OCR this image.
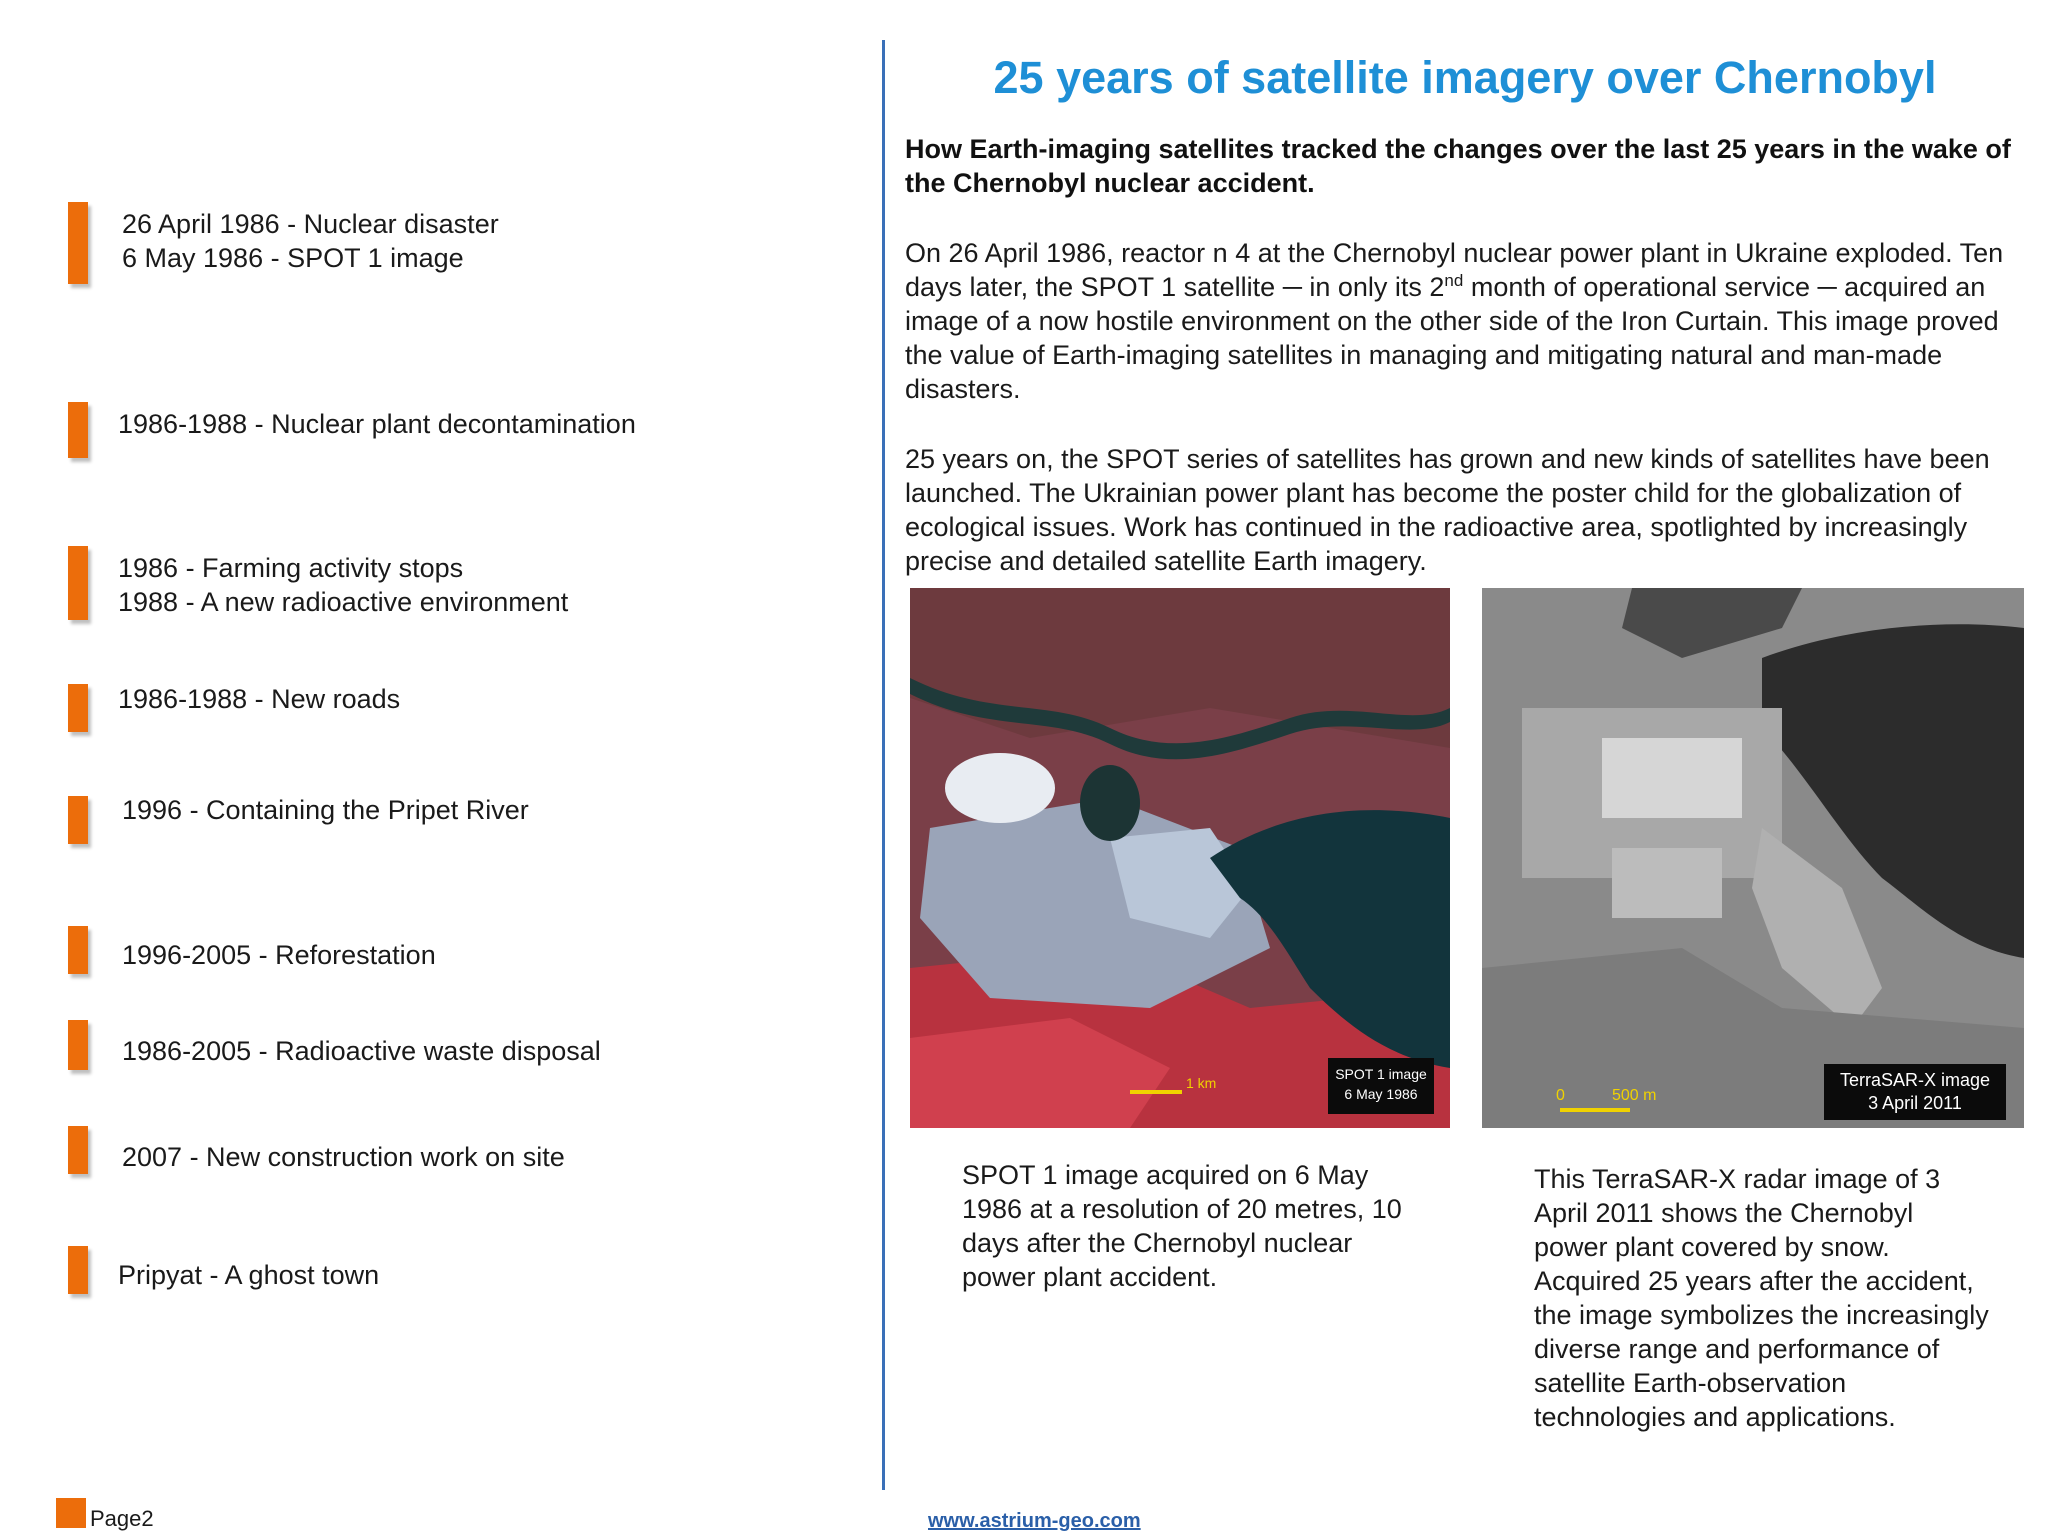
26 April 1986 - Nuclear disaster
6 May 1986 - SPOT 1 image
1986-1988 - Nuclear plant decontamination
1986 - Farming activity stops
1988 - A new radioactive environment
1986-1988 - New roads
1996 - Containing the Pripet River
1996-2005 - Reforestation
1986-2005 - Radioactive waste disposal
2007 - New construction work on site
Pripyat - A ghost town
25 years of satellite imagery over Chernobyl
How Earth-imaging satellites tracked the changes over the last 25 years in the wake of the Chernobyl nuclear accident.
On 26 April 1986, reactor n 4 at the Chernobyl nuclear power plant in Ukraine exploded. Ten days later, the SPOT 1 satellite ─ in only its 2nd month of operational service ─ acquired an image of a now hostile environment on the other side of the Iron Curtain. This image proved the value of Earth-imaging satellites in managing and mitigating natural and man-made disasters.
25 years on, the SPOT series of satellites has grown and new kinds of satellites have been launched. The Ukrainian power plant has become the poster child for the globalization of ecological issues. Work has continued in the radioactive area, spotlighted by increasingly precise and detailed satellite Earth imagery.
SPOT 1 image
6 May 1986
1 km	TerraSAR-X image
3 April 2011
0	500 m
SPOT 1 image acquired on 6 May 1986 at a resolution of 20 metres, 10 days after the Chernobyl nuclear power plant accident.
This TerraSAR-X radar image of 3 April 2011 shows the Chernobyl power plant covered by snow. Acquired 25 years after the accident, the image symbolizes the increasingly diverse range and performance of satellite Earth-observation technologies and applications.
Page2	www.astrium-geo.com
